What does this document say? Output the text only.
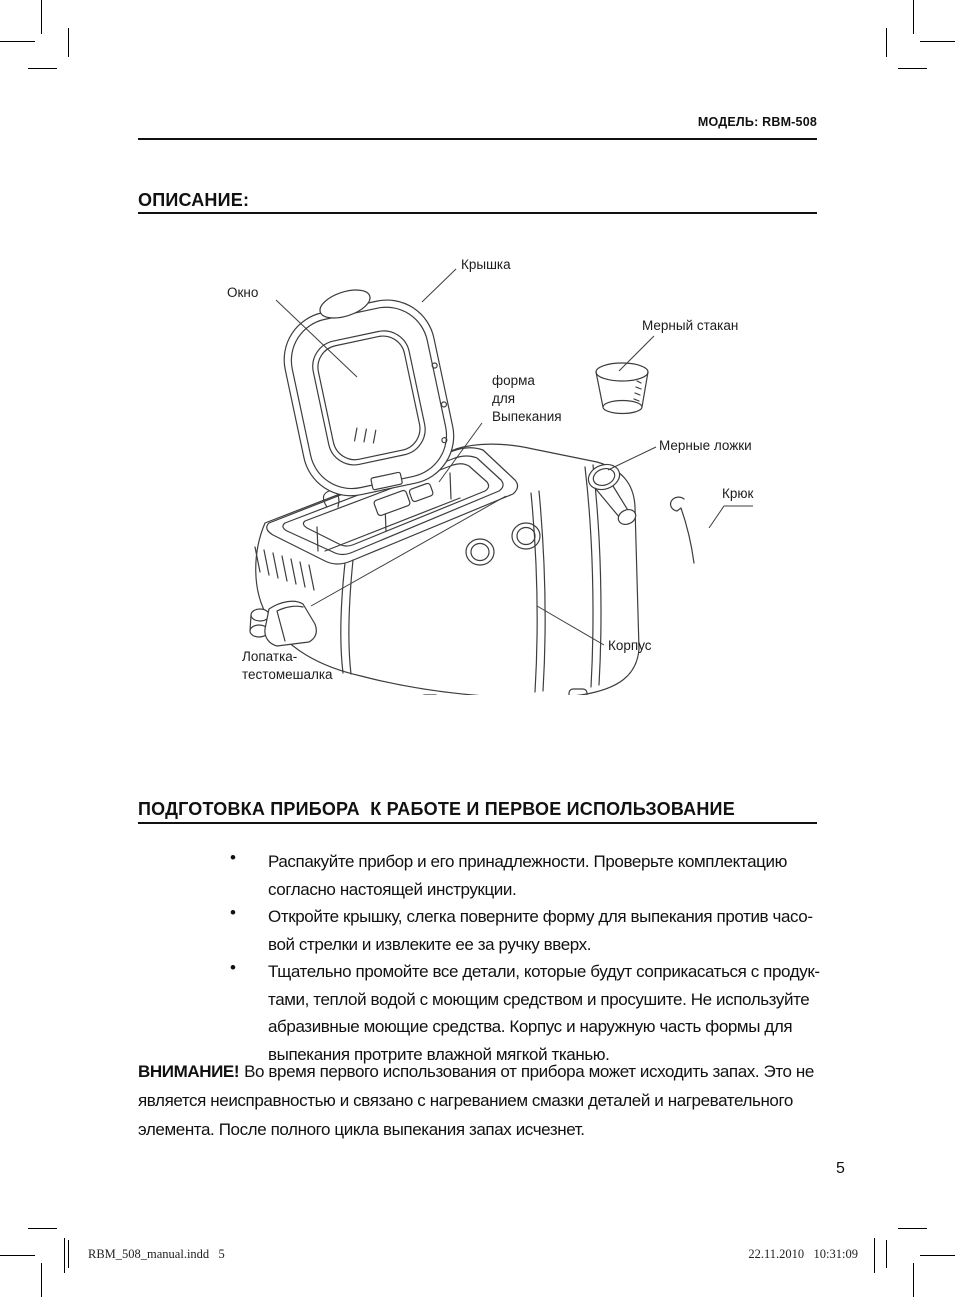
МОДЕЛЬ: RBM-508
ОПИСАНИЕ:
Крышка
Окно
Мерный стакан
форма
для
Выпекания
Мерные ложки
Крюк
Корпус
Лопатка-
тестомешалка
ПОДГОТОВКА ПРИБОРА  К РАБОТЕ И ПЕРВОЕ ИСПОЛЬЗОВАНИЕ
• Распакуйте прибор и его принадлежности. Проверьте комплектацию
согласно настоящей инструкции.
• Откройте крышку, слегка поверните форму для выпекания против часо-
вой стрелки и извлеките ее за ручку вверх.
• Тщательно промойте все детали, которые будут соприкасаться с продук-
тами, теплой водой с моющим средством и просушите. Не используйте
абразивные моющие средства. Корпус и наружную часть формы для
выпекания протрите влажной мягкой тканью.
ВНИМАНИЕ! Во время первого использования от прибора может исходить запах. Это не
является неисправностью и связано с нагреванием смазки деталей и нагревательного
элемента. После полного цикла выпекания запах исчезнет.
5
RBM_508_manual.indd   5	22.11.2010   10:31:09
